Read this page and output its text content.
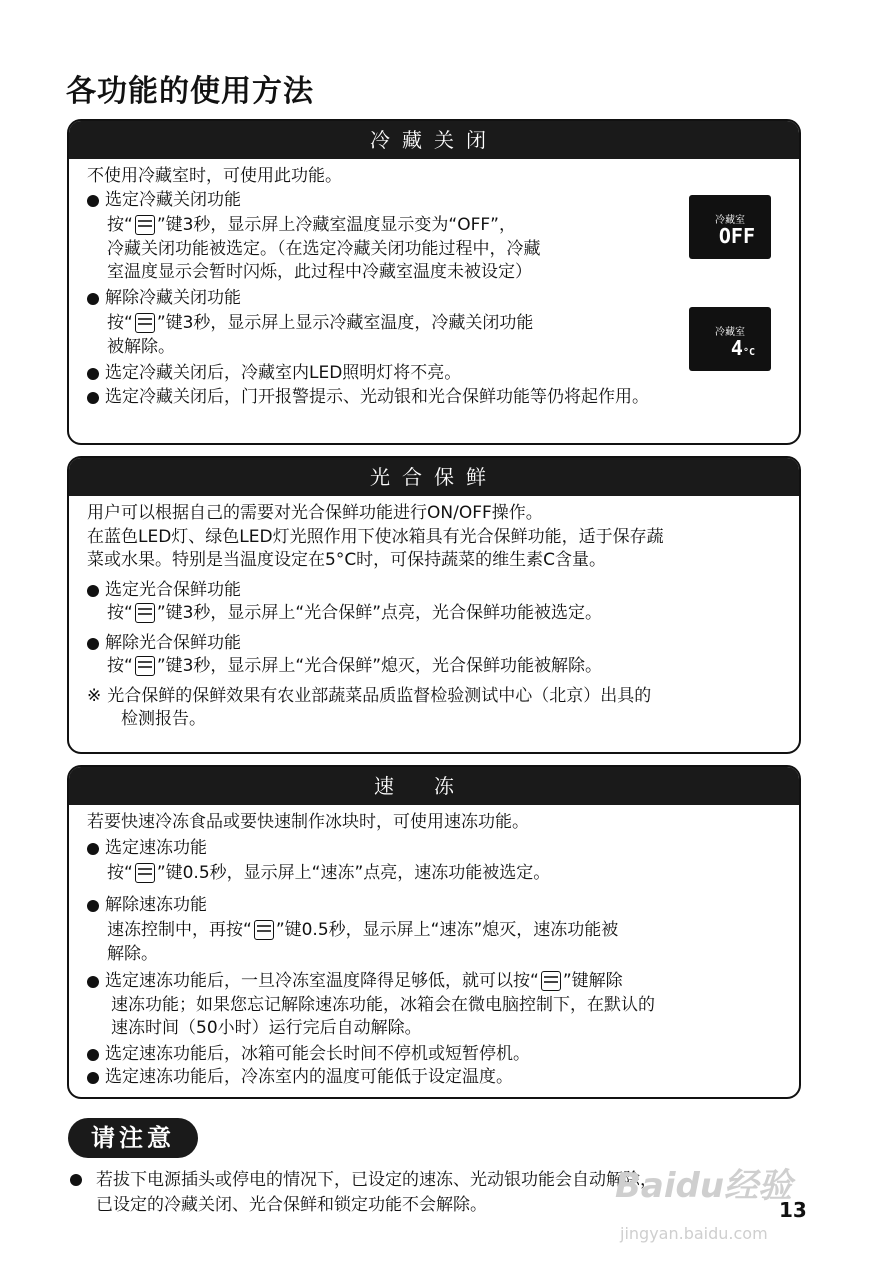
各功能的使用方法
冷藏关闭
不使用冷藏室时，可使用此功能。
选定冷藏关闭功能
按“ ”键3秒，显示屏上冷藏室温度显示变为“OFF”，
冷藏关闭功能被选定。（在选定冷藏关闭功能过程中，冷藏
室温度显示会暂时闪烁，此过程中冷藏室温度未被设定）
解除冷藏关闭功能
按“ ”键3秒，显示屏上显示冷藏室温度，冷藏关闭功能
被解除。
选定冷藏关闭后，冷藏室内LED照明灯将不亮。
选定冷藏关闭后，门开报警提示、光动银和光合保鲜功能等仍将起作用。
冷藏室
OFF
冷藏室
4°C
光合保鲜
用户可以根据自己的需要对光合保鲜功能进行ON/OFF操作。
在蓝色LED灯、绿色LED灯光照作用下使冰箱具有光合保鲜功能，适于保存蔬
菜或水果。特别是当温度设定在5°C时，可保持蔬菜的维生素C含量。
选定光合保鲜功能
按“ ”键3秒，显示屏上“光合保鲜”点亮，光合保鲜功能被选定。
解除光合保鲜功能
按“ ”键3秒，显示屏上“光合保鲜”熄灭，光合保鲜功能被解除。
※ 光合保鲜的保鲜效果有农业部蔬菜品质监督检验测试中心（北京）出具的
检测报告。
速冻
若要快速冷冻食品或要快速制作冰块时，可使用速冻功能。
选定速冻功能
按“ ”键0.5秒，显示屏上“速冻”点亮，速冻功能被选定。
解除速冻功能
速冻控制中，再按“ ”键0.5秒，显示屏上“速冻”熄灭，速冻功能被
解除。
选定速冻功能后，一旦冷冻室温度降得足够低，就可以按“ ”键解除
速冻功能；如果您忘记解除速冻功能，冰箱会在微电脑控制下，在默认的
速冻时间（50小时）运行完后自动解除。
选定速冻功能后，冰箱可能会长时间不停机或短暂停机。
选定速冻功能后，冷冻室内的温度可能低于设定温度。
请注意
若拔下电源插头或停电的情况下，已设定的速冻、光动银功能会自动解除，
已设定的冷藏关闭、光合保鲜和锁定功能不会解除。	Baidu经验
jingyan.baidu.com
13
